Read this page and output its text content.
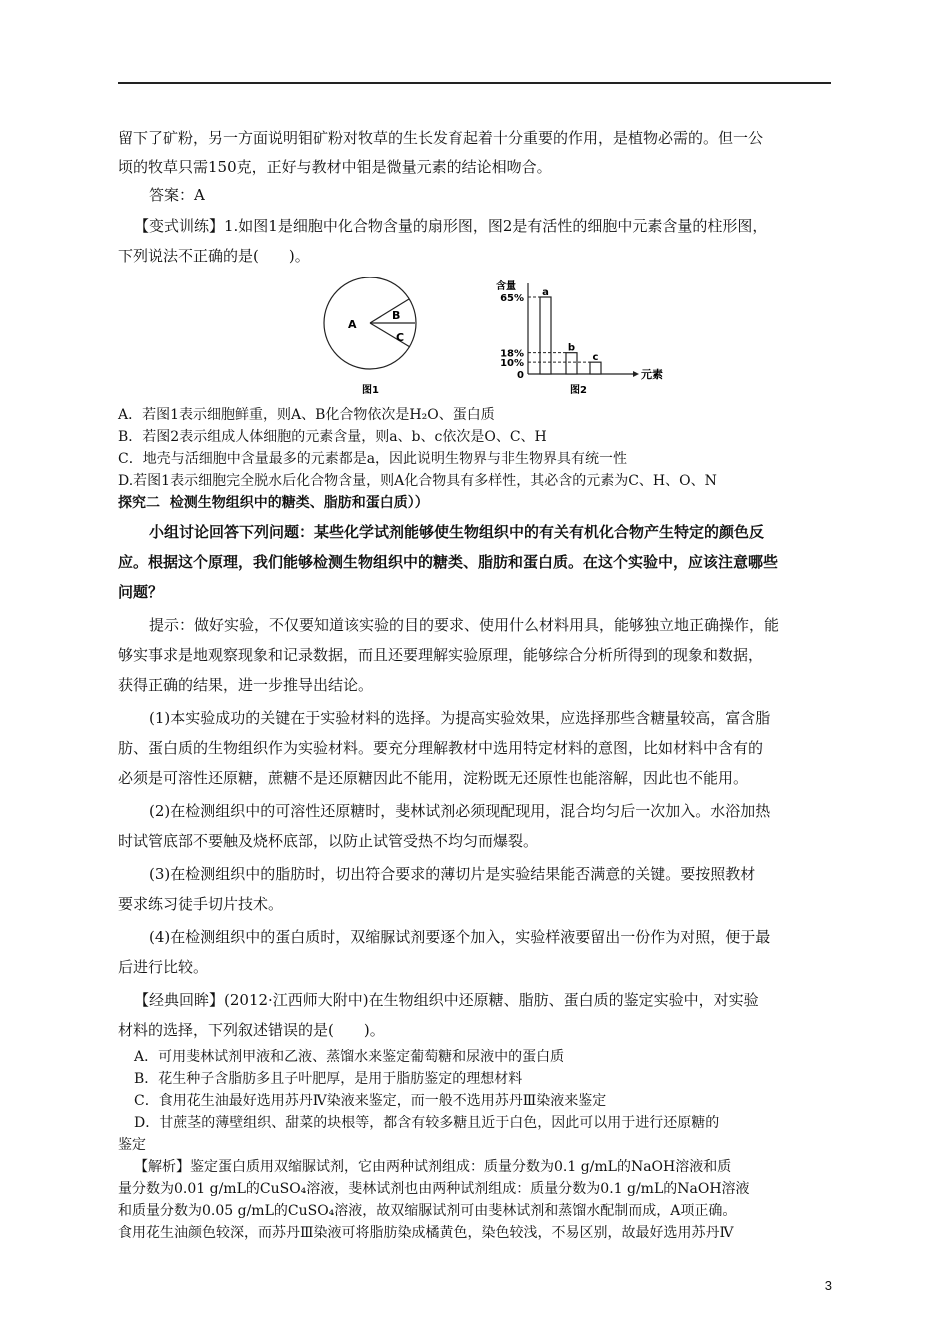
留下了矿粉，另一方面说明钼矿粉对牧草的生长发育起着十分重要的作用，是植物必需的。但一公

顷的牧草只需150克，正好与教材中钼是微量元素的结论相吻合。

答案：A

【变式训练】1.如图1是细胞中化合物含量的扇形图，图2是有活性的细胞中元素含量的柱形图，

下列说法不正确的是(　　)。

A
B
C
图1
含量
元素
65%
18%
10%
0
a
b
c
图2

A．若图1表示细胞鲜重，则A、B化合物依次是H₂O、蛋白质

B．若图2表示组成人体细胞的元素含量，则a、b、c依次是O、C、H

C．地壳与活细胞中含量最多的元素都是a，因此说明生物界与非生物界具有统一性

D.若图1表示细胞完全脱水后化合物含量，则A化合物具有多样性，其必含的元素为C、H、O、N

探究二  检测生物组织中的糖类、脂肪和蛋白质））

小组讨论回答下列问题：某些化学试剂能够使生物组织中的有关有机化合物产生特定的颜色反

应。根据这个原理，我们能够检测生物组织中的糖类、脂肪和蛋白质。在这个实验中，应该注意哪些

问题？

提示：做好实验，不仅要知道该实验的目的要求、使用什么材料用具，能够独立地正确操作，能

够实事求是地观察现象和记录数据，而且还要理解实验原理，能够综合分析所得到的现象和数据，

获得正确的结果，进一步推导出结论。

(1)本实验成功的关键在于实验材料的选择。为提高实验效果，应选择那些含糖量较高，富含脂

肪、蛋白质的生物组织作为实验材料。要充分理解教材中选用特定材料的意图，比如材料中含有的

必须是可溶性还原糖，蔗糖不是还原糖因此不能用，淀粉既无还原性也能溶解，因此也不能用。

(2)在检测组织中的可溶性还原糖时，斐林试剂必须现配现用，混合均匀后一次加入。水浴加热

时试管底部不要触及烧杯底部，以防止试管受热不均匀而爆裂。

(3)在检测组织中的脂肪时，切出符合要求的薄切片是实验结果能否满意的关键。要按照教材

要求练习徒手切片技术。

(4)在检测组织中的蛋白质时，双缩脲试剂要逐个加入，实验样液要留出一份作为对照，便于最

后进行比较。

【经典回眸】(2012·江西师大附中)在生物组织中还原糖、脂肪、蛋白质的鉴定实验中，对实验

材料的选择，下列叙述错误的是(　　)。

A．可用斐林试剂甲液和乙液、蒸馏水来鉴定葡萄糖和尿液中的蛋白质

B．花生种子含脂肪多且子叶肥厚，是用于脂肪鉴定的理想材料

C．食用花生油最好选用苏丹Ⅳ染液来鉴定，而一般不选用苏丹Ⅲ染液来鉴定

D．甘蔗茎的薄壁组织、甜菜的块根等，都含有较多糖且近于白色，因此可以用于进行还原糖的

鉴定

【解析】鉴定蛋白质用双缩脲试剂，它由两种试剂组成：质量分数为0.1 g/mL的NaOH溶液和质

量分数为0.01 g/mL的CuSO₄溶液，斐林试剂也由两种试剂组成：质量分数为0.1 g/mL的NaOH溶液

和质量分数为0.05 g/mL的CuSO₄溶液，故双缩脲试剂可由斐林试剂和蒸馏水配制而成，A项正确。

食用花生油颜色较深，而苏丹Ⅲ染液可将脂肪染成橘黄色，染色较浅，不易区别，故最好选用苏丹Ⅳ

3
